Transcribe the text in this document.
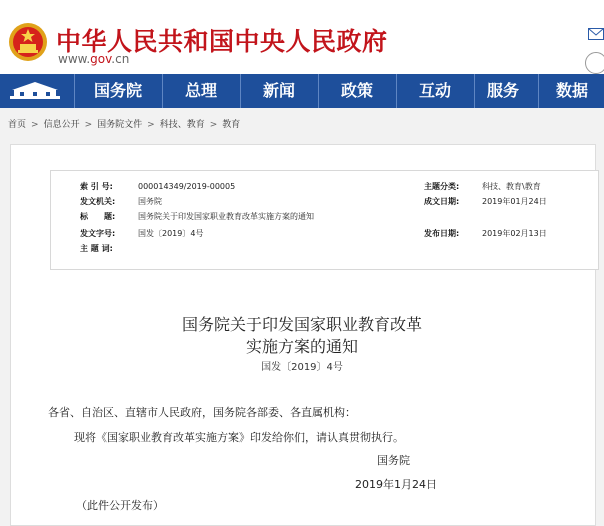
中华人民共和国中央人民政府
www.gov.cn
国务院	总理	新闻	政策	互动	服务	数据
首页 > 信息公开 > 国务院文件 > 科技、教育 > 教育
索 引 号:	000014349/2019-00005	主题分类:	科技、教育\教育
发文机关:	国务院	成文日期:	2019年01月24日
标　　题:	国务院关于印发国家职业教育改革实施方案的通知
发文字号:	国发〔2019〕4号	发布日期:	2019年02月13日
主 题 词:
国务院关于印发国家职业教育改革
实施方案的通知
国发〔2019〕4号
各省、自治区、直辖市人民政府，国务院各部委、各直属机构：
现将《国家职业教育改革实施方案》印发给你们，请认真贯彻执行。
国务院
2019年1月24日
（此件公开发布）
